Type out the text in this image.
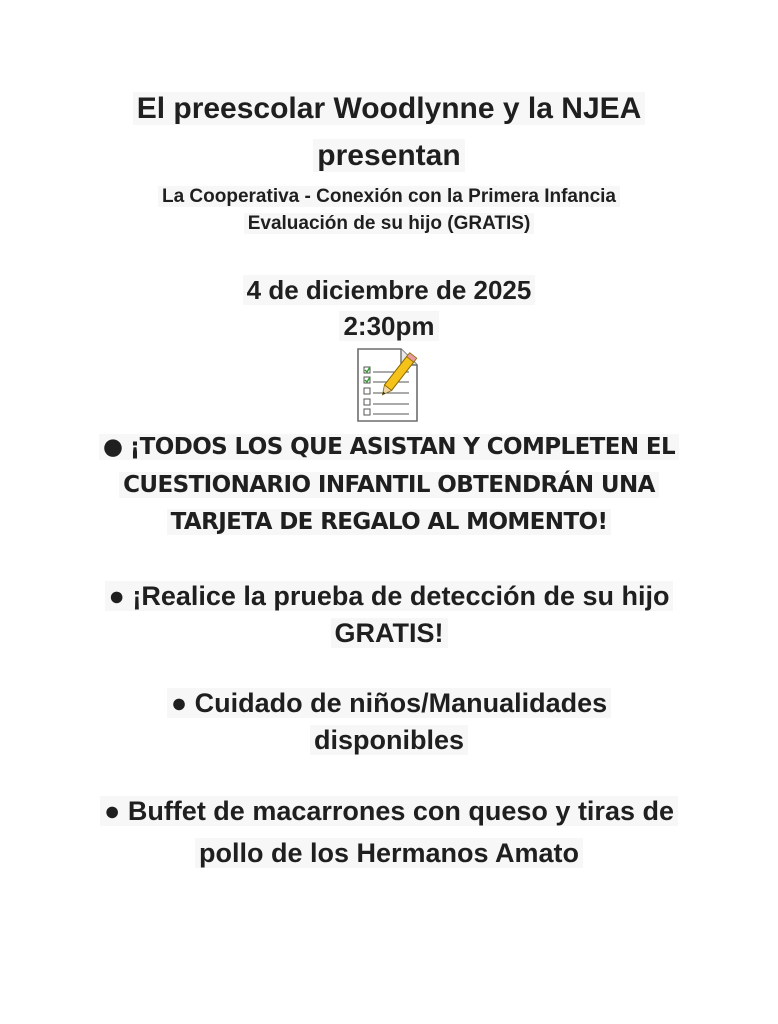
El preescolar Woodlynne y la NJEA
presentan
La Cooperativa - Conexión con la Primera Infancia
Evaluación de su hijo (GRATIS)
4 de diciembre de 2025
2:30pm
● ¡TODOS LOS QUE ASISTAN Y COMPLETEN EL
CUESTIONARIO INFANTIL OBTENDRÁN UNA
TARJETA DE REGALO AL MOMENTO!
● ¡Realice la prueba de detección de su hijo
GRATIS!
● Cuidado de niños/Manualidades
disponibles
● Buffet de macarrones con queso y tiras de
pollo de los Hermanos Amato
